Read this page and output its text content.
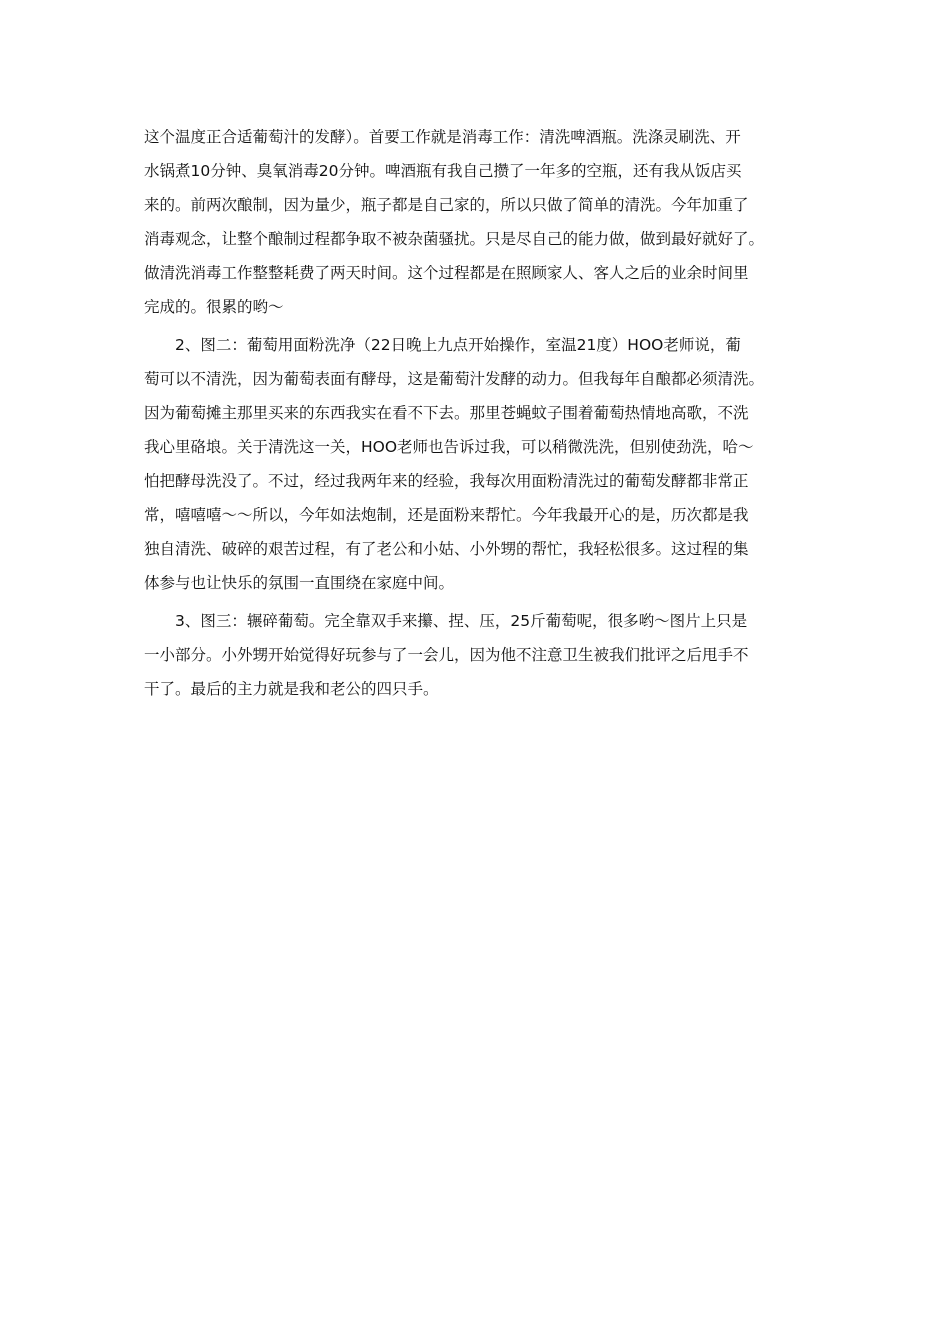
这个温度正合适葡萄汁的发酵）。首要工作就是消毒工作：清洗啤酒瓶。洗涤灵刷洗、开
水锅煮10分钟、臭氧消毒20分钟。啤酒瓶有我自己攒了一年多的空瓶，还有我从饭店买
来的。前两次酿制，因为量少，瓶子都是自己家的，所以只做了简单的清洗。今年加重了
消毒观念，让整个酿制过程都争取不被杂菌骚扰。只是尽自己的能力做，做到最好就好了。
做清洗消毒工作整整耗费了两天时间。这个过程都是在照顾家人、客人之后的业余时间里
完成的。很累的哟～
2、图二：葡萄用面粉洗净（22日晚上九点开始操作，室温21度）HOO老师说，葡
萄可以不清洗，因为葡萄表面有酵母，这是葡萄汁发酵的动力。但我每年自酿都必须清洗。
因为葡萄摊主那里买来的东西我实在看不下去。那里苍蝇蚊子围着葡萄热情地高歌，不洗
我心里硌埌。关于清洗这一关，HOO老师也告诉过我，可以稍微洗洗，但别使劲洗，哈～
怕把酵母洗没了。不过，经过我两年来的经验，我每次用面粉清洗过的葡萄发酵都非常正
常，嘻嘻嘻～～所以，今年如法炮制，还是面粉来帮忙。今年我最开心的是，历次都是我
独自清洗、破碎的艰苦过程，有了老公和小姑、小外甥的帮忙，我轻松很多。这过程的集
体参与也让快乐的氛围一直围绕在家庭中间。
3、图三：辗碎葡萄。完全靠双手来攥、捏、压，25斤葡萄呢，很多哟～图片上只是
一小部分。小外甥开始觉得好玩参与了一会儿，因为他不注意卫生被我们批评之后甩手不
干了。最后的主力就是我和老公的四只手。
